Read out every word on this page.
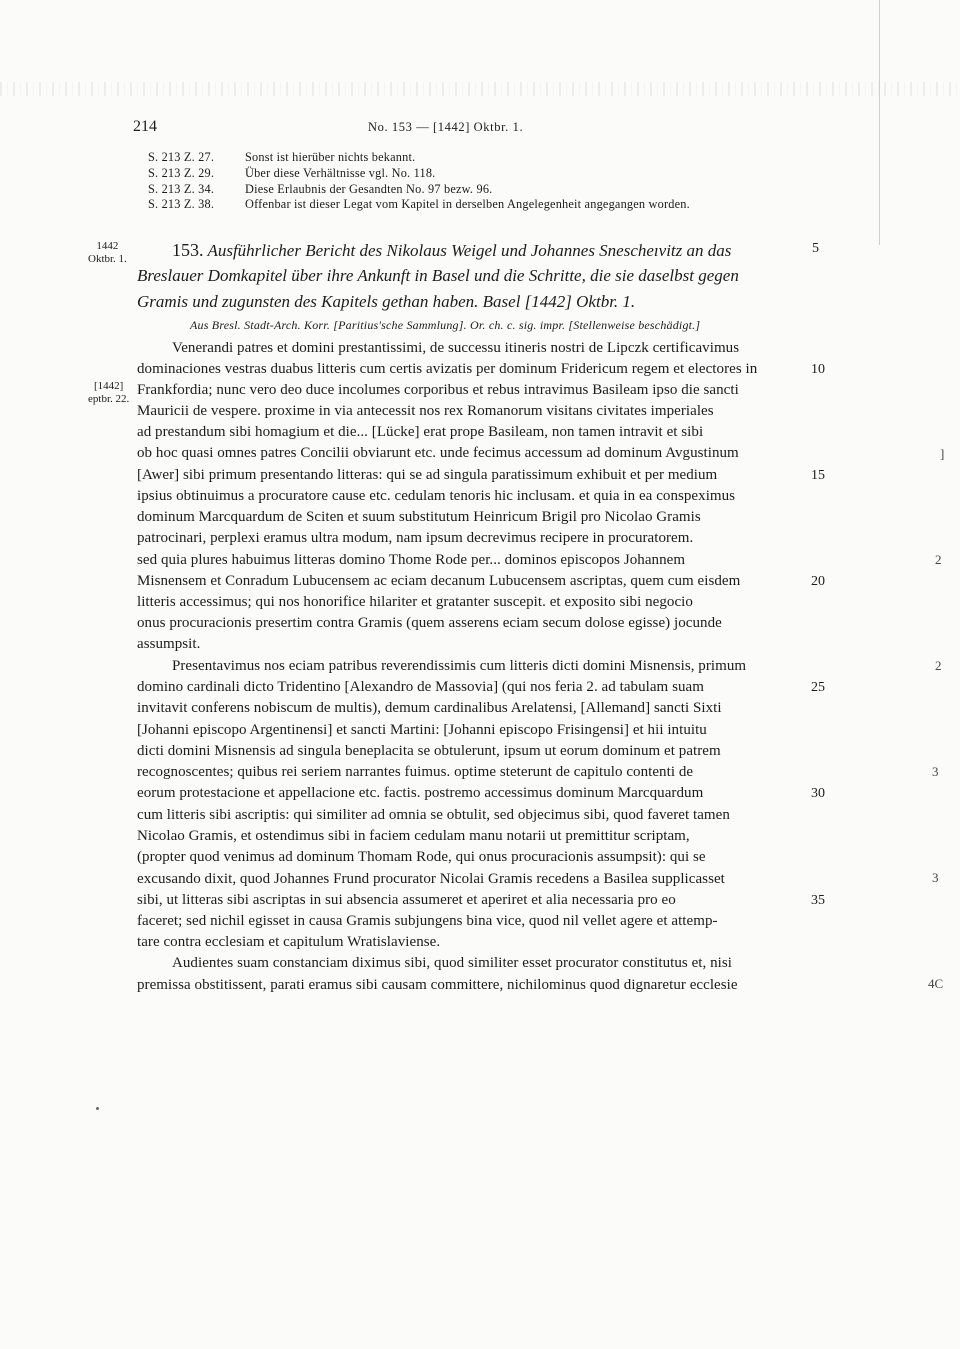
214	No. 153 — [1442] Oktbr. 1.
S. 213 Z. 27.	Sonst ist hierüber nichts bekannt.
S. 213 Z. 29.	Über diese Verhältnisse vgl. No. 118.
S. 213 Z. 34.	Diese Erlaubnis der Gesandten No. 97 bezw. 96.
S. 213 Z. 38.	Offenbar ist dieser Legat vom Kapitel in derselben Angelegenheit angegangen worden.
1442
Oktbr. 1.
[1442]
eptbr. 22.
153. Ausführlicher Bericht des Nikolaus Weigel und Johannes Snescheıvitz an das
Breslauer Domkapitel über ihre Ankunft in Basel und die Schritte, die sie daselbst gegen
Gramis und zugunsten des Kapitels gethan haben. Basel [1442] Oktbr. 1.
Aus Bresl. Stadt-Arch. Korr. [Paritius'sche Sammlung]. Or. ch. c. sig. impr. [Stellenweise beschädigt.]
Venerandi patres et domini prestantissimi, de successu itineris nostri de Lipczk certificavimus
dominaciones vestras duabus litteris cum certis avizatis per dominum Fridericum regem et electores in
Frankfordia; nunc vero deo duce incolumes corporibus et rebus intravimus Basileam ipso die sancti
Mauricii de vespere. proxime in via antecessit nos rex Romanorum visitans civitates imperiales
ad prestandum sibi homagium et die... [Lücke] erat prope Basileam, non tamen intravit et sibi
ob hoc quasi omnes patres Concilii obviarunt etc. unde fecimus accessum ad dominum Avgustinum
[Awer] sibi primum presentando litteras: qui se ad singula paratissimum exhibuit et per medium
ipsius obtinuimus a procuratore cause etc. cedulam tenoris hic inclusam. et quia in ea conspeximus
dominum Marcquardum de Sciten et suum substitutum Heinricum Brigil pro Nicolao Gramis
patrocinari, perplexi eramus ultra modum, nam ipsum decrevimus recipere in procuratorem.
sed quia plures habuimus litteras domino Thome Rode per... dominos episcopos Johannem
Misnensem et Conradum Lubucensem ac eciam decanum Lubucensem ascriptas, quem cum eisdem
litteris accessimus; qui nos honorifice hilariter et gratanter suscepit. et exposito sibi negocio
onus procuracionis presertim contra Gramis (quem asserens eciam secum dolose egisse) jocunde
assumpsit.
Presentavimus nos eciam patribus reverendissimis cum litteris dicti domini Misnensis, primum
domino cardinali dicto Tridentino [Alexandro de Massovia] (qui nos feria 2. ad tabulam suam
invitavit conferens nobiscum de multis), demum cardinalibus Arelatensi, [Allemand] sancti Sixti
[Johanni episcopo Argentinensi] et sancti Martini: [Johanni episcopo Frisingensi] et hii intuitu
dicti domini Misnensis ad singula beneplacita se obtulerunt, ipsum ut eorum dominum et patrem
recognoscentes; quibus rei seriem narrantes fuimus. optime steterunt de capitulo contenti de
eorum protestacione et appellacione etc. factis. postremo accessimus dominum Marcquardum
cum litteris sibi ascriptis: qui similiter ad omnia se obtulit, sed objecimus sibi, quod faveret tamen
Nicolao Gramis, et ostendimus sibi in faciem cedulam manu notarii ut premittitur scriptam,
(propter quod venimus ad dominum Thomam Rode, qui onus procuracionis assumpsit): qui se
excusando dixit, quod Johannes Frund procurator Nicolai Gramis recedens a Basilea supplicasset
sibi, ut litteras sibi ascriptas in sui absencia assumeret et aperiret et alia necessaria pro eo
faceret; sed nichil egisset in causa Gramis subjungens bina vice, quod nil vellet agere et attemp-
tare contra ecclesiam et capitulum Wratislaviense.
Audientes suam constanciam diximus sibi, quod similiter esset procurator constitutus et, nisi
premissa obstitissent, parati eramus sibi causam committere, nichilominus quod dignaretur ecclesie
5
10
15
20
25
30
35
]
2
2
3
3
4C
